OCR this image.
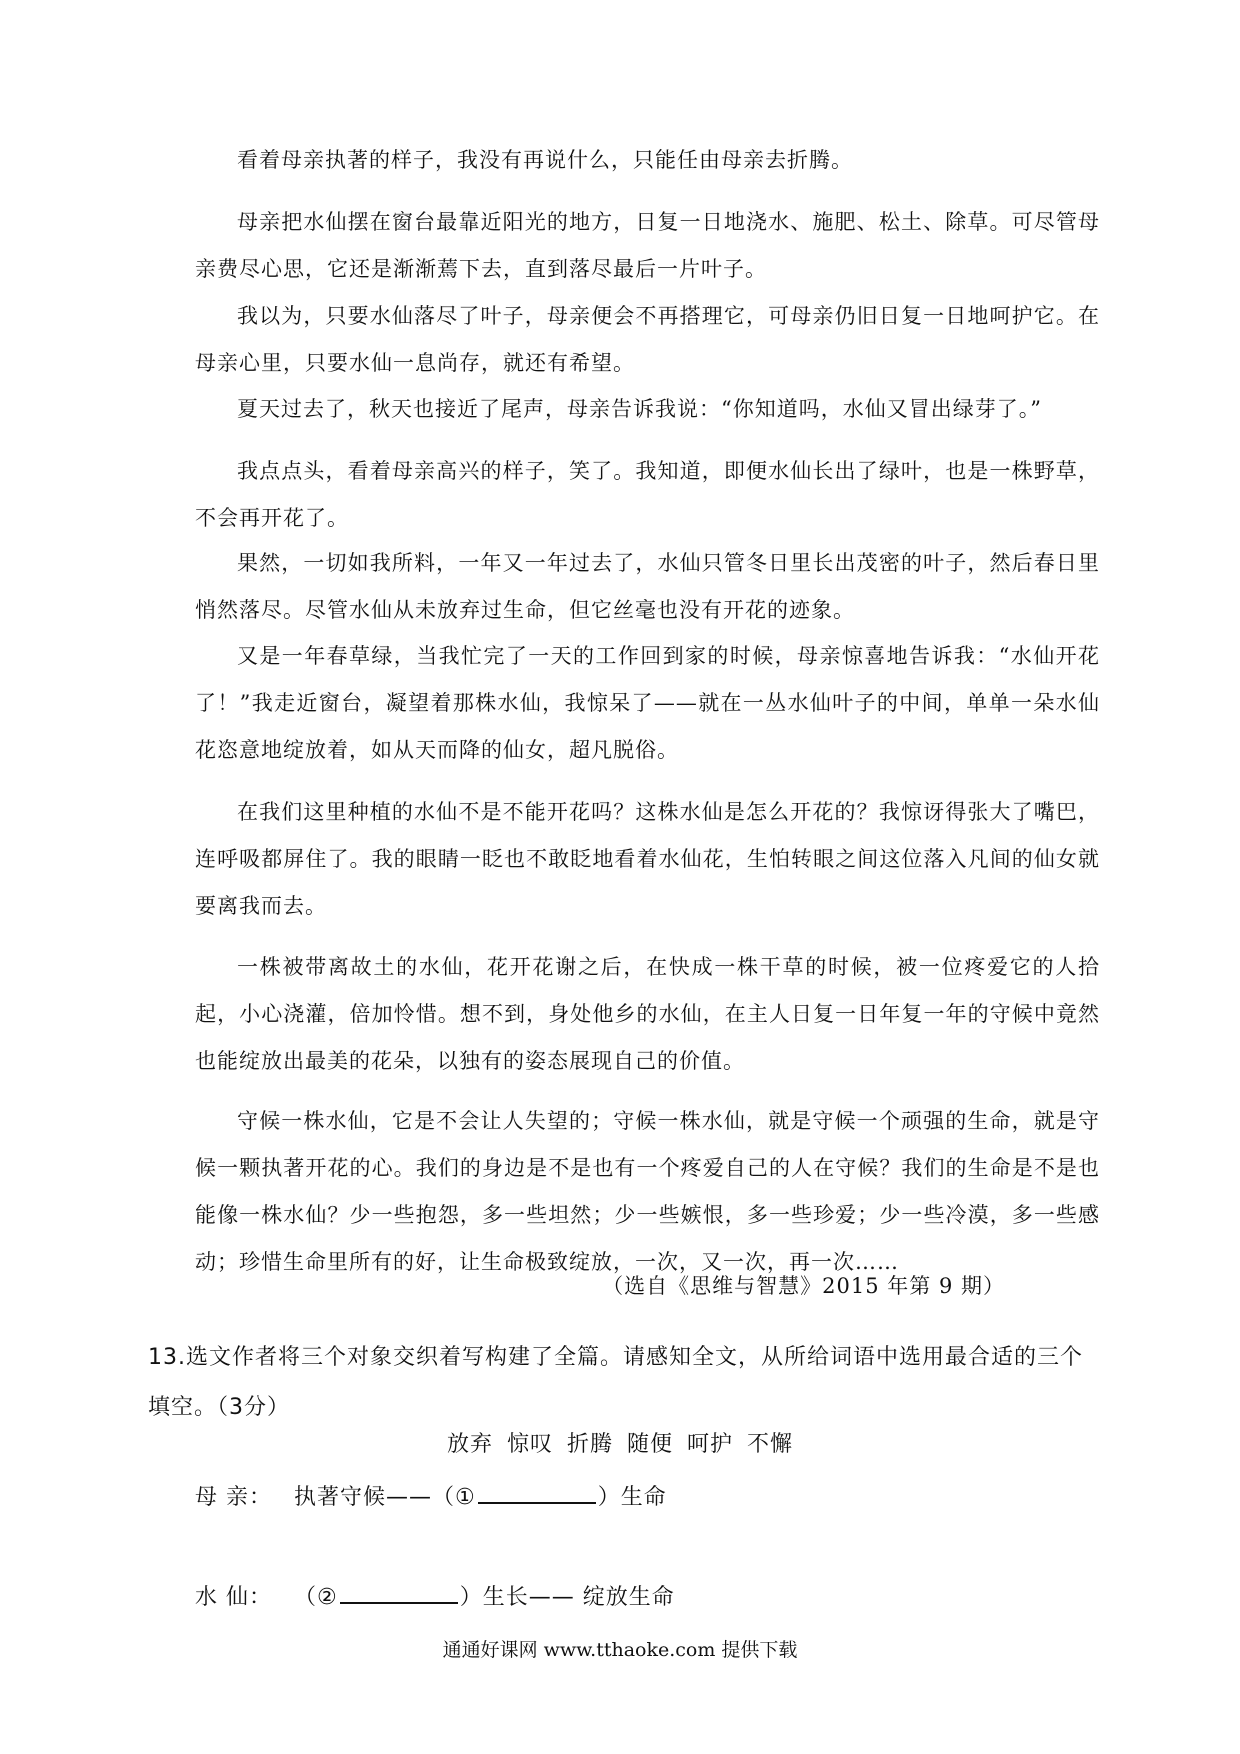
看着母亲执著的样子，我没有再说什么，只能任由母亲去折腾。

母亲把水仙摆在窗台最靠近阳光的地方，日复一日地浇水、施肥、松土、除草。可尽管母亲费尽心思，它还是渐渐蔫下去，直到落尽最后一片叶子。

我以为，只要水仙落尽了叶子，母亲便会不再搭理它，可母亲仍旧日复一日地呵护它。在母亲心里，只要水仙一息尚存，就还有希望。

夏天过去了，秋天也接近了尾声，母亲告诉我说：“你知道吗，水仙又冒出绿芽了。”

我点点头，看着母亲高兴的样子，笑了。我知道，即便水仙长出了绿叶，也是一株野草，不会再开花了。

果然，一切如我所料，一年又一年过去了，水仙只管冬日里长出茂密的叶子，然后春日里悄然落尽。尽管水仙从未放弃过生命，但它丝毫也没有开花的迹象。

又是一年春草绿，当我忙完了一天的工作回到家的时候，母亲惊喜地告诉我：“水仙开花了！”我走近窗台，凝望着那株水仙，我惊呆了——就在一丛水仙叶子的中间，单单一朵水仙花恣意地绽放着，如从天而降的仙女，超凡脱俗。

在我们这里种植的水仙不是不能开花吗？这株水仙是怎么开花的？我惊讶得张大了嘴巴，连呼吸都屏住了。我的眼睛一眨也不敢眨地看着水仙花，生怕转眼之间这位落入凡间的仙女就要离我而去。

一株被带离故土的水仙，花开花谢之后，在快成一株干草的时候，被一位疼爱它的人拾起，小心浇灌，倍加怜惜。想不到，身处他乡的水仙，在主人日复一日年复一年的守候中竟然也能绽放出最美的花朵，以独有的姿态展现自己的价值。

守候一株水仙，它是不会让人失望的；守候一株水仙，就是守候一个顽强的生命，就是守候一颗执著开花的心。我们的身边是不是也有一个疼爱自己的人在守候？我们的生命是不是也能像一株水仙？少一些抱怨，多一些坦然；少一些嫉恨，多一些珍爱；少一些冷漠，多一些感动；珍惜生命里所有的好，让生命极致绽放，一次，又一次，再一次……

（选自《思维与智慧》2015 年第 9 期）

13.选文作者将三个对象交织着写构建了全篇。请感知全文，从所给词语中选用最合适的三个填空。（3分）

放弃 惊叹 折腾 随便 呵护 不懈
母 亲： 执著守候——（①	）生命
水 仙： （②	）生长—— 绽放生命
通通好课网 www.tthaoke.com 提供下载
